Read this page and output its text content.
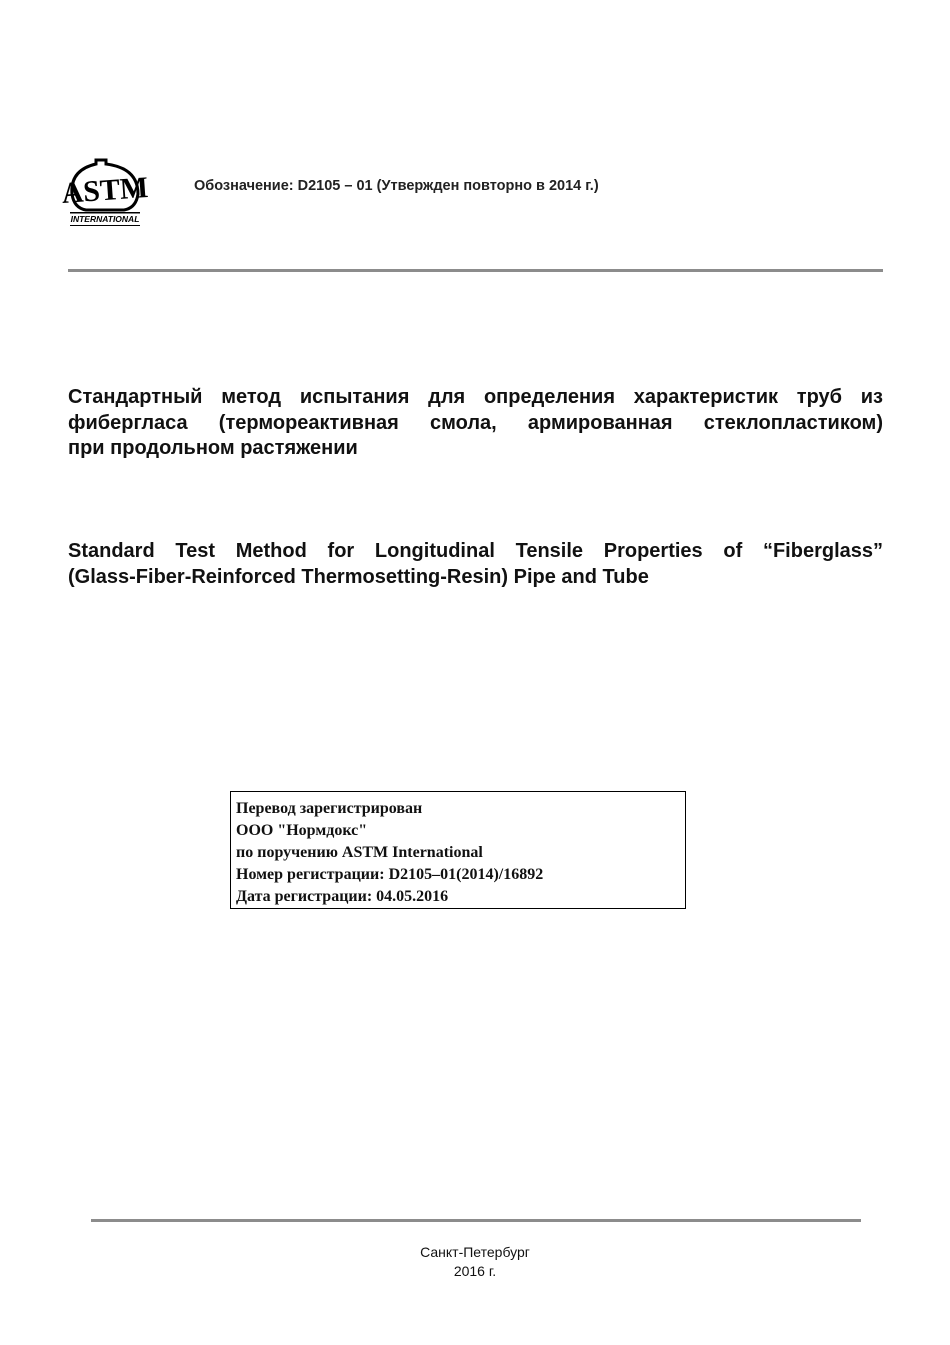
ASTM
INTERNATIONAL
Обозначение: D2105 – 01 (Утвержден повторно в 2014 г.)
Стандартный метод испытания для определения характеристик труб из
фибергласа (термореактивная смола, армированная стеклопластиком)
при продольном растяжении
Standard Test Method for Longitudinal Tensile Properties of “Fiberglass”
(Glass-Fiber-Reinforced Thermosetting-Resin) Pipe and Tube
Перевод зарегистрирован
ООО "Нормдокс"
по поручению ASTM International
Номер регистрации: D2105–01(2014)/16892
Дата регистрации: 04.05.2016
Санкт-Петербург
2016 г.
